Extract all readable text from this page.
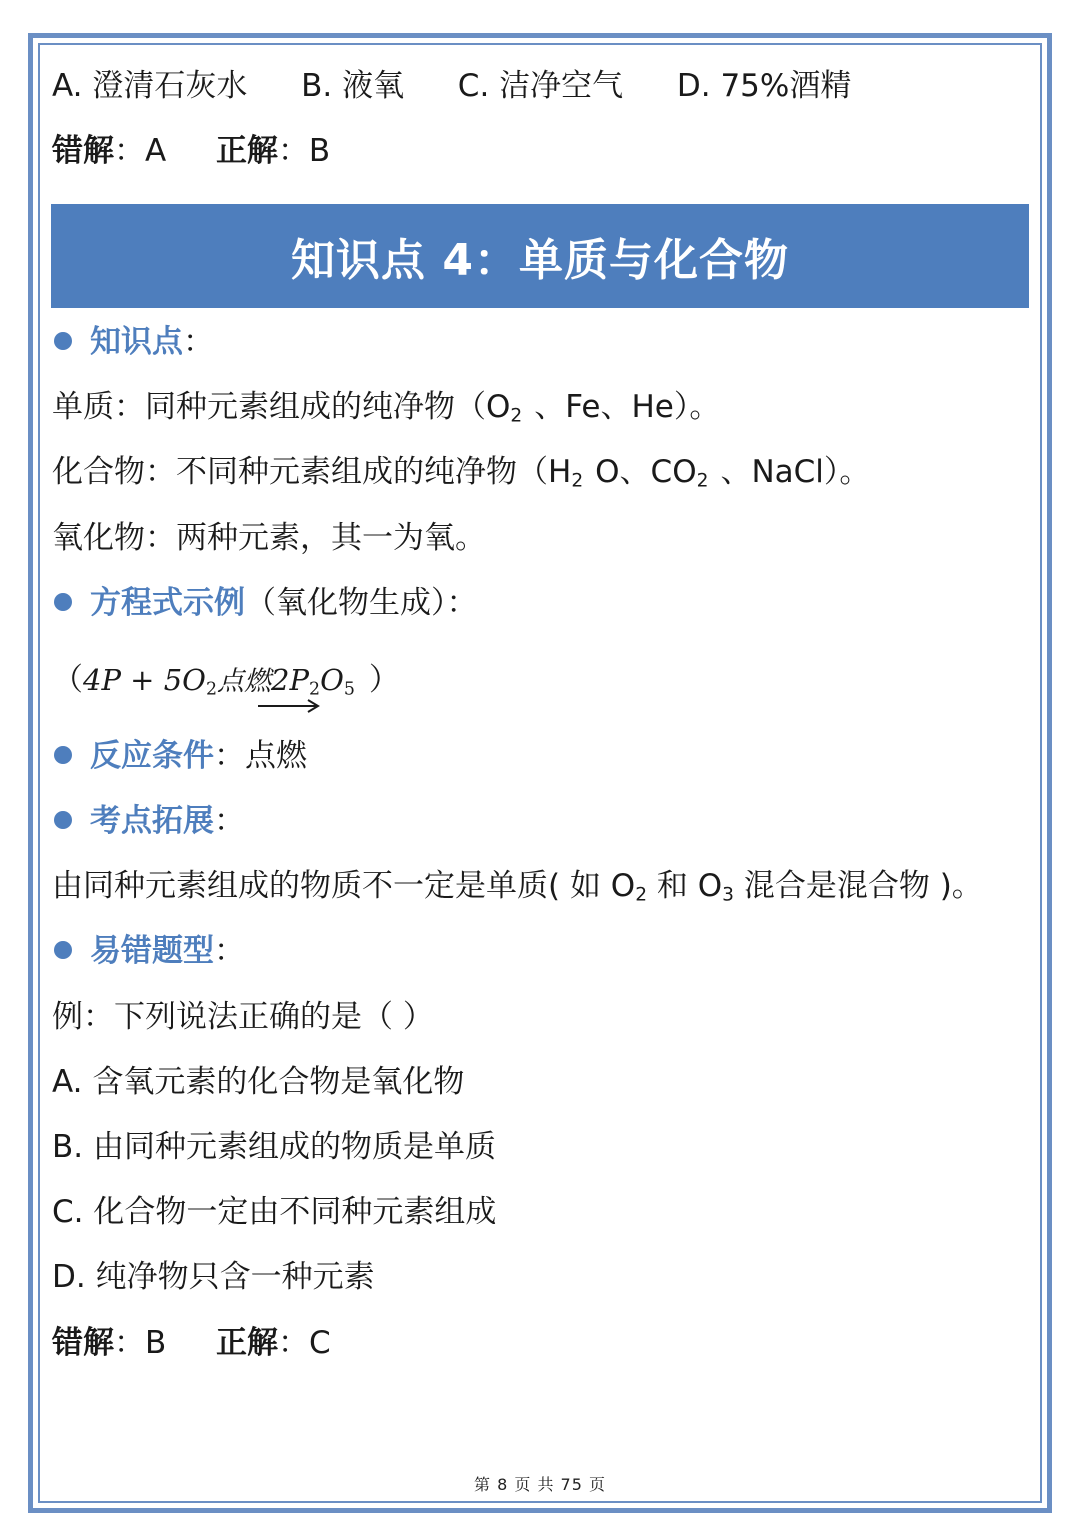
A. 澄清石灰水 B. 液氧 C. 洁净空气 D. 75%酒精
错解：A 正解：B
知识点 4：单质与化合物
知识点：
单质：同种元素组成的纯净物（$O_2$ 、Fe、He）。
化合物：不同种元素组成的纯净物（$H_2$ O、$CO_2$ 、NaCl）。
氧化物：两种元素，其一为氧。
方程式示例（氧化物生成）：
（$4P + 5O_2$点燃$2P_2O_5$ ）
反应条件：点燃
考点拓展：
由同种元素组成的物质不一定是单质( 如 $O_2$ 和 $O_3$ 混合是混合物 )。
易错题型：
例：下列说法正确的是（ ）
A. 含氧元素的化合物是氧化物
B. 由同种元素组成的物质是单质
C. 化合物一定由不同种元素组成
D. 纯净物只含一种元素
错解：B 正解：C
第 8 页 共 75 页
